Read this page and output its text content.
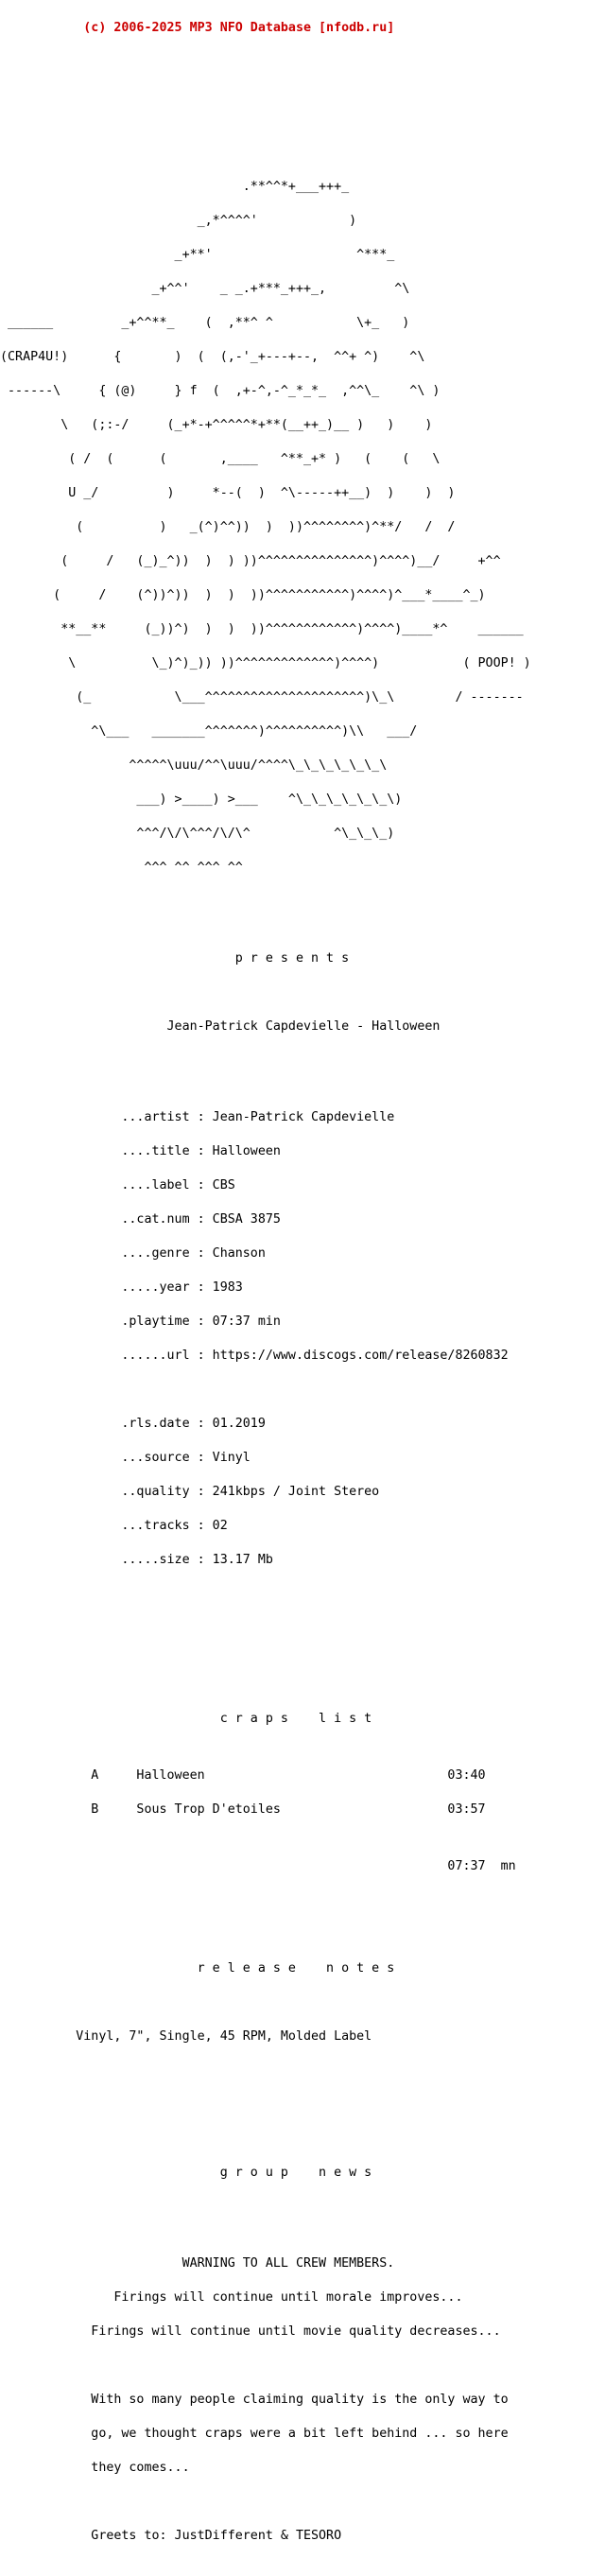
(c) 2006-2025 MP3 NFO Database [nfodb.ru]

.**^^*+___+++_

_,*^^^^'            )

_+**'                   ^***_

_+^^'    _ _.+***_+++_,         ^\

______         _+^^**_    (  ,**^ ^           \+_   )

(CRAP4U!)      {       )  (  (,-'_+---+--,  ^^+ ^)    ^\

------\     { (@)     } f  (  ,+-^,-^_*_*_  ,^^\_    ^\ )

\   (;:-/     (_+*-+^^^^^*+**(__++_)__ )   )    )

( /  (      (       ,____   ^**_+* )   (    (   \

U _/         )     *--(  )  ^\-----++__)  )    )  )

(          )   _(^)^^))  )  ))^^^^^^^^)^**/   /  /

(     /   (_)_^))  )  ) ))^^^^^^^^^^^^^^^)^^^^)__/     +^^

(     /    (^))^))  )  )  ))^^^^^^^^^^^)^^^^)^___*____^_)

**__**     (_))^)  )  )  ))^^^^^^^^^^^^)^^^^)____*^    ______

\          \_)^)_)) ))^^^^^^^^^^^^^)^^^^)           ( POOP! )

(_           \___^^^^^^^^^^^^^^^^^^^^^)\_\        / -------

^\___   _______^^^^^^^)^^^^^^^^^^)\\   ___/

^^^^^\uuu/^^\uuu/^^^^\_\_\_\_\_\_\

___) >____) >___    ^\_\_\_\_\_\_\)

^^^/\/\^^^/\/\^           ^\_\_\_)

^^^ ^^ ^^^ ^^

p r e s e n t s

Jean-Patrick Capdevielle - Halloween

...artist : Jean-Patrick Capdevielle

....title : Halloween

....label : CBS

..cat.num : CBSA 3875

....genre : Chanson

.....year : 1983

.playtime : 07:37 min

......url : https://www.discogs.com/release/8260832

.rls.date : 01.2019

...source : Vinyl

..quality : 241kbps / Joint Stereo

...tracks : 02

.....size : 13.17 Mb

c r a p s    l i s t

A     Halloween                                03:40

B     Sous Trop D'etoiles                      03:57

07:37  mn

r e l e a s e    n o t e s

Vinyl, 7", Single, 45 RPM, Molded Label

g r o u p    n e w s

WARNING TO ALL CREW MEMBERS.

Firings will continue until morale improves...

Firings will continue until movie quality decreases...

With so many people claiming quality is the only way to

go, we thought craps were a bit left behind ... so here

they comes...

Greets to: JustDifferent & TESORO
